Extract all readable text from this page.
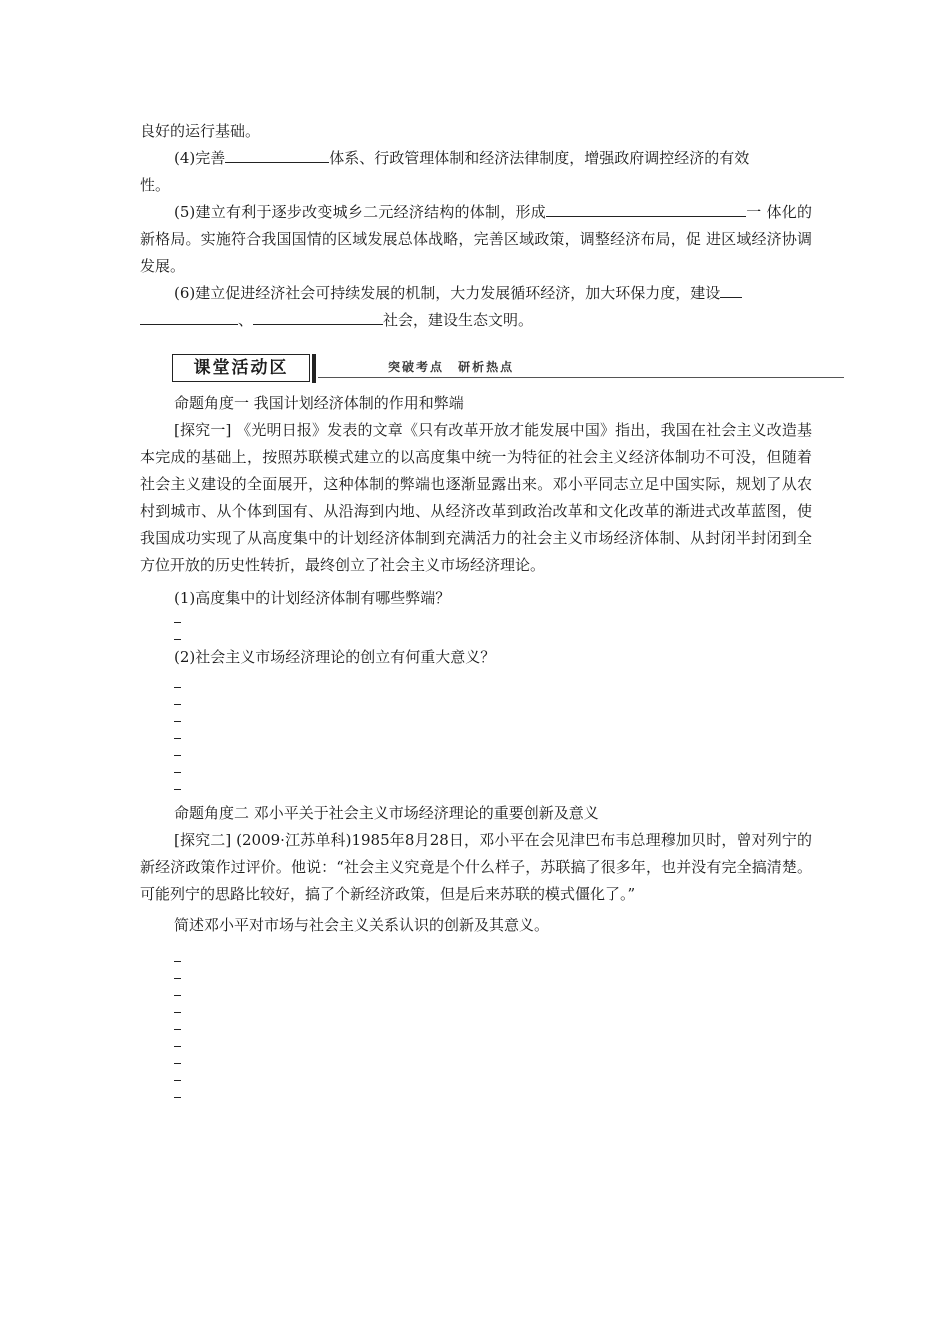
良好的运行基础。

(4)完善	体系、行政管理体制和经济法律制度，增强政府调控经济的有效
性。

(5)建立有利于逐步改变城乡二元经济结构的体制，形成	一 体化的新格局。实施符合我国国情的区域发展总体战略，完善区域政策，调整经济布局，促 进区域经济协调发展。

(6)建立促进经济社会可持续发展的机制，大力发展循环经济，加大环保力度，建设
、	社会，建设生态文明。

课堂活动区	突破考点 研析热点

命题角度一 我国计划经济体制的作用和弊端

[探究一] 《光明日报》发表的文章《只有改革开放才能发展中国》指出，我国在社会主义改造基本完成的基础上，按照苏联模式建立的以高度集中统一为特征的社会主义经济体制功不可没，但随着社会主义建设的全面展开，这种体制的弊端也逐渐显露出来。邓小平同志立足中国实际，规划了从农村到城市、从个体到国有、从沿海到内地、从经济改革到政治改革和文化改革的渐进式改革蓝图，使我国成功实现了从高度集中的计划经济体制到充满活力的社会主义市场经济体制、从封闭半封闭到全方位开放的历史性转折，最终创立了社会主义市场经济理论。

(1)高度集中的计划经济体制有哪些弊端？

(2)社会主义市场经济理论的创立有何重大意义？

命题角度二 邓小平关于社会主义市场经济理论的重要创新及意义

[探究二] (2009·江苏单科)1985年8月28日，邓小平在会见津巴布韦总理穆加贝时，曾对列宁的新经济政策作过评价。他说：“社会主义究竟是个什么样子，苏联搞了很多年，也并没有完全搞清楚。可能列宁的思路比较好，搞了个新经济政策，但是后来苏联的模式僵化了。”

简述邓小平对市场与社会主义关系认识的创新及其意义。
